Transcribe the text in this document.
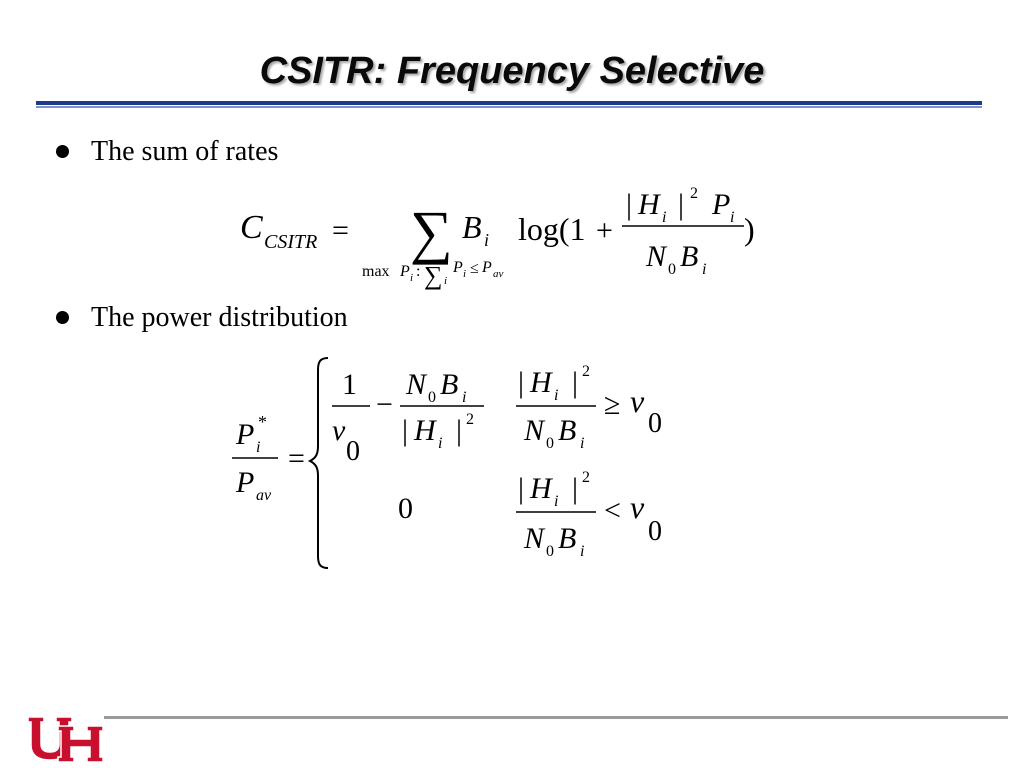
CSITR: Frequency Selective
The sum of rates
The power distribution
C CSITR = ∑ B i
max P i : ∑ i
P i ≤ P av
log(1 +
| H i | 2 P i
N 0 B i
)
P *
i
P av
=
1
v
0
−
N 0 B i
| H i | 2
| H i | 2
N 0 B i
≥ v
0
0
| H i | 2
N 0 B i
< v
0
